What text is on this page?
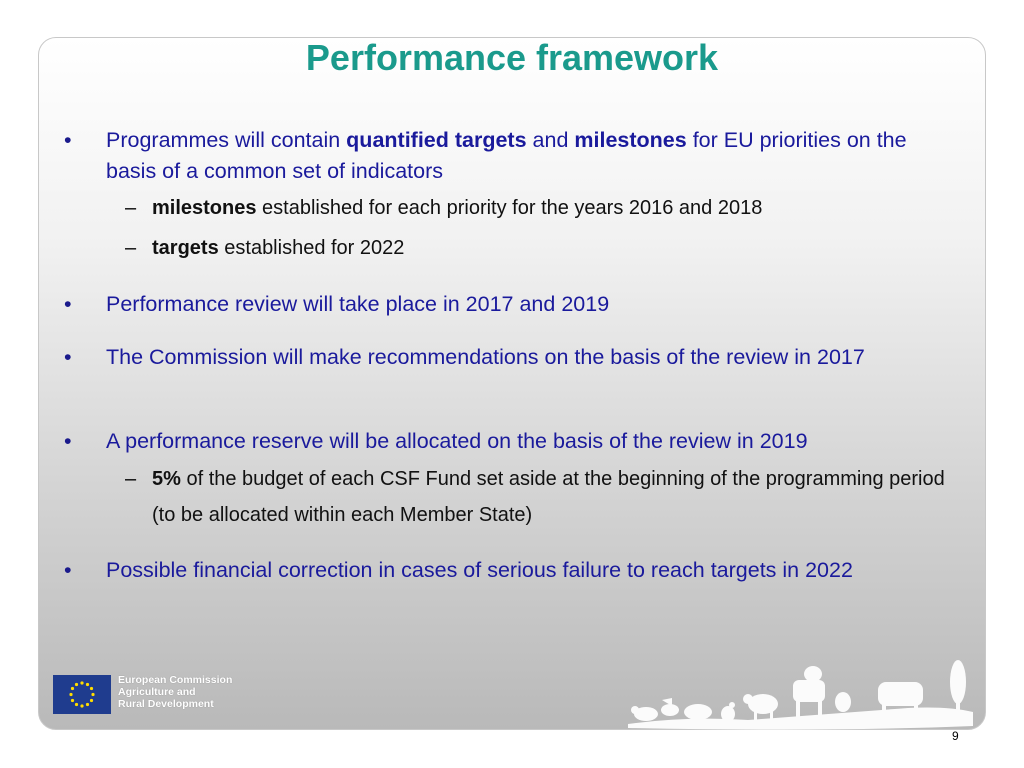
Performance framework
• Programmes will contain quantified targets and milestones for EU priorities on the basis of a common set of indicators
– milestones established for each priority for the years 2016 and 2018
– targets established for 2022
• Performance review will take place in 2017 and 2019
• The Commission will make recommendations on the basis of the review in 2017
• A performance reserve will be allocated on the basis of the review in 2019
– 5% of the budget of each CSF Fund set aside at the beginning of the programming period (to be allocated within each Member State)
• Possible financial correction in cases of serious failure to reach targets in 2022
European Commission
Agriculture and
Rural Development
9
